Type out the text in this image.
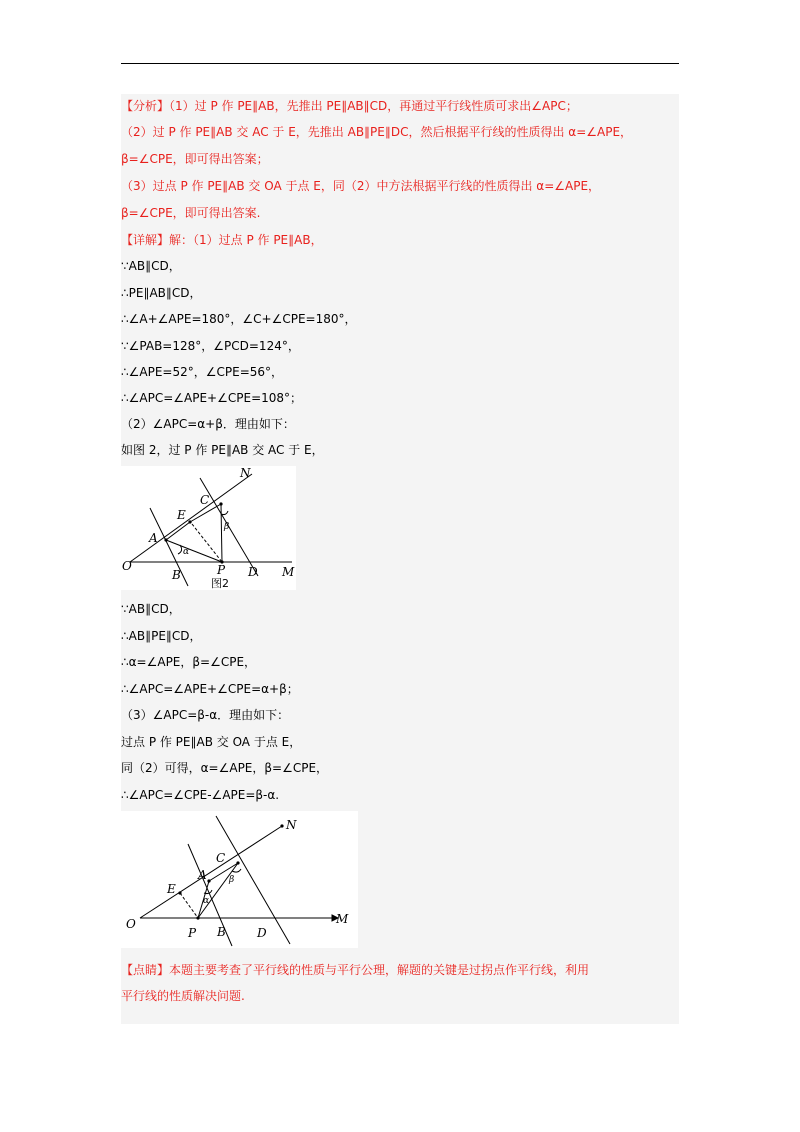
【分析】（1）过 P 作 PE∥AB，先推出 PE∥AB∥CD，再通过平行线性质可求出∠APC；
（2）过 P 作 PE∥AB 交 AC 于 E，先推出 AB∥PE∥DC，然后根据平行线的性质得出 α=∠APE，
β=∠CPE，即可得出答案；
（3）过点 P 作 PE∥AB 交 OA 于点 E，同（2）中方法根据平行线的性质得出 α=∠APE，
β=∠CPE，即可得出答案.
【详解】解：（1）过点 P 作 PE∥AB，
∵AB∥CD，
∴PE∥AB∥CD，
∴∠A+∠APE=180°，∠C+∠CPE=180°，
∵∠PAB=128°，∠PCD=124°，
∴∠APE=52°，∠CPE=56°，
∴∠APC=∠APE+∠CPE=108°；
（2）∠APC=α+β．理由如下：
如图 2，过 P 作 PE∥AB 交 AC 于 E，
O
A
B
C
D
E
N
M
P
α
β
图2
∵AB∥CD，
∴AB∥PE∥CD，
∴α=∠APE，β=∠CPE，
∴∠APC=∠APE+∠CPE=α+β；
（3）∠APC=β-α．理由如下：
过点 P 作 PE∥AB 交 OA 于点 E，
同（2）可得，α=∠APE，β=∠CPE，
∴∠APC=∠CPE-∠APE=β-α.
O
A
B
C
D
E
N
M
P
α
β
【点睛】本题主要考查了平行线的性质与平行公理，解题的关键是过拐点作平行线，利用
平行线的性质解决问题.
